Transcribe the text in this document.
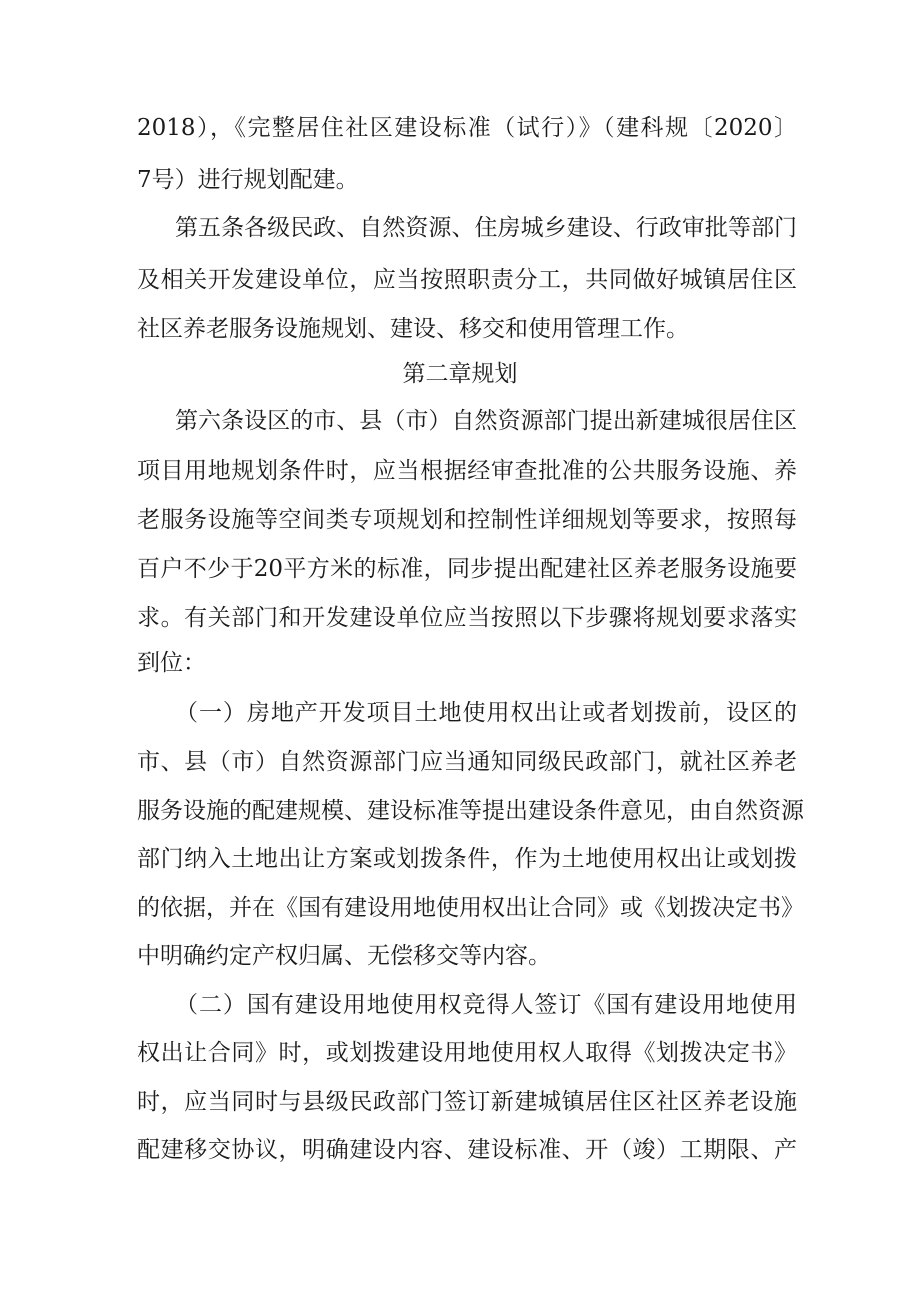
2018），《完整居住社区建设标准（试行）》（建科规〔2020〕
7号）进行规划配建。
第五条各级民政、自然资源、住房城乡建设、行政审批等部门
及相关开发建设单位，应当按照职责分工，共同做好城镇居住区
社区养老服务设施规划、建设、移交和使用管理工作。
第二章规划
第六条设区的市、县（市）自然资源部门提出新建城很居住区
项目用地规划条件时，应当根据经审查批准的公共服务设施、养
老服务设施等空间类专项规划和控制性详细规划等要求，按照每
百户不少于20平方米的标准，同步提出配建社区养老服务设施要
求。有关部门和开发建设单位应当按照以下步骤将规划要求落实
到位：
（一）房地产开发项目土地使用权出让或者划拨前，设区的
市、县（市）自然资源部门应当通知同级民政部门，就社区养老
服务设施的配建规模、建设标准等提出建设条件意见，由自然资源
部门纳入土地出让方案或划拨条件，作为土地使用权出让或划拨
的依据，并在《国有建设用地使用权出让合同》或《划拨决定书》
中明确约定产权归属、无偿移交等内容。
（二）国有建设用地使用权竞得人签订《国有建设用地使用
权出让合同》时，或划拨建设用地使用权人取得《划拨决定书》
时，应当同时与县级民政部门签订新建城镇居住区社区养老设施
配建移交协议，明确建设内容、建设标准、开（竣）工期限、产
